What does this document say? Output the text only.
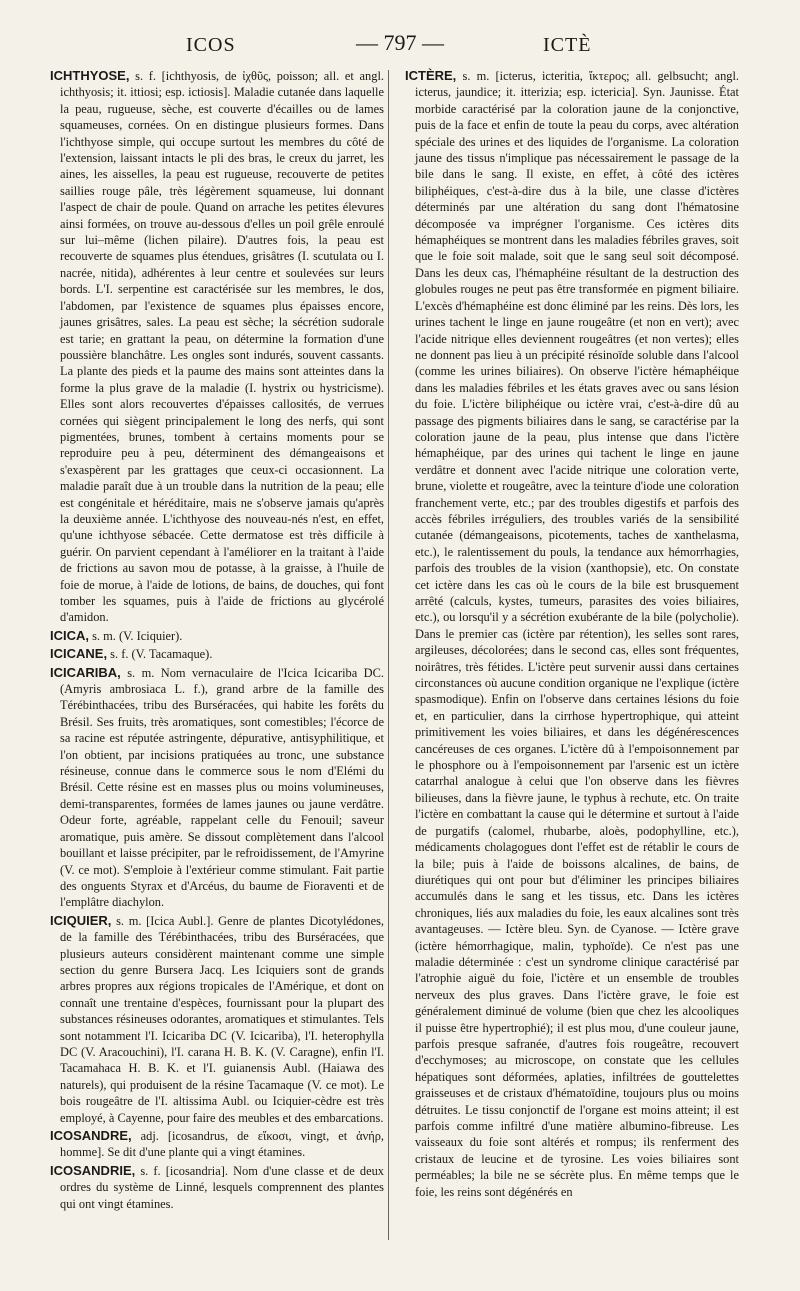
ICOS	— 797 —	ICTÈ

ICHTHYOSE, s. f. [ichthyosis, de ἰχθῦς, poisson; all. et angl. ichthyosis; it. ittiosi; esp. ictiosis]. Maladie cutanée dans laquelle la peau, rugueuse, sèche, est couverte d'écailles ou de lames squameuses, cornées. On en distingue plusieurs formes. Dans l'ichthyose simple, qui occupe surtout les membres du côté de l'extension, laissant intacts le pli des bras, le creux du jarret, les aines, les aisselles, la peau est rugueuse, recouverte de petites saillies rouge pâle, très légèrement squameuse, lui donnant l'aspect de chair de poule. Quand on arrache les petites élevures ainsi formées, on trouve au-dessous d'elles un poil grêle enroulé sur lui–même (lichen pilaire). D'autres fois, la peau est recouverte de squames plus étendues, grisâtres (I. scutulata ou I. nacrée, nitida), adhérentes à leur centre et soulevées sur leurs bords. L'I. serpentine est caractérisée sur les membres, le dos, l'abdomen, par l'existence de squames plus épaisses encore, jaunes grisâtres, sales. La peau est sèche; la sécrétion sudorale est tarie; en grattant la peau, on détermine la formation d'une poussière blanchâtre. Les ongles sont indurés, souvent cassants. La plante des pieds et la paume des mains sont atteintes dans la forme la plus grave de la maladie (I. hystrix ou hystricisme). Elles sont alors recouvertes d'épaisses callosités, de verrues cornées qui siègent principalement le long des nerfs, qui sont pigmentées, brunes, tombent à certains moments pour se reproduire peu à peu, déterminent des démangeaisons et s'exaspèrent par les grattages que ceux-ci occasionnent. La maladie paraît due à un trouble dans la nutrition de la peau; elle est congénitale et héréditaire, mais ne s'observe jamais qu'après la deuxième année. L'ichthyose des nouveau-nés n'est, en effet, qu'une ichthyose sébacée. Cette dermatose est très difficile à guérir. On parvient cependant à l'améliorer en la traitant à l'aide de frictions au savon mou de potasse, à la graisse, à l'huile de foie de morue, à l'aide de lotions, de bains, de douches, qui font tomber les squames, puis à l'aide de frictions au glycérolé d'amidon.

ICICA, s. m. (V. Iciquier).

ICICANE, s. f. (V. Tacamaque).

ICICARIBA, s. m. Nom vernaculaire de l'Icica Icicariba DC. (Amyris ambrosiaca L. f.), grand arbre de la famille des Térébinthacées, tribu des Burséracées, qui habite les forêts du Brésil. Ses fruits, très aromatiques, sont comestibles; l'écorce de sa racine est réputée astringente, dépurative, antisyphilitique, et l'on obtient, par incisions pratiquées au tronc, une substance résineuse, connue dans le commerce sous le nom d'Elémi du Brésil. Cette résine est en masses plus ou moins volumineuses, demi-transparentes, formées de lames jaunes ou jaune verdâtre. Odeur forte, agréable, rappelant celle du Fenouil; saveur aromatique, puis amère. Se dissout complètement dans l'alcool bouillant et laisse précipiter, par le refroidissement, de l'Amyrine (V. ce mot). S'emploie à l'extérieur comme stimulant. Fait partie des onguents Styrax et d'Arcéus, du baume de Fioraventi et de l'emplâtre diachylon.

ICIQUIER, s. m. [Icica Aubl.]. Genre de plantes Dicotylédones, de la famille des Térébinthacées, tribu des Burséracées, que plusieurs auteurs considèrent maintenant comme une simple section du genre Bursera Jacq. Les Iciquiers sont de grands arbres propres aux régions tropicales de l'Amérique, et dont on connaît une trentaine d'espèces, fournissant pour la plupart des substances résineuses odorantes, aromatiques et stimulantes. Tels sont notamment l'I. Icicariba DC (V. Icicariba), l'I. heterophylla DC (V. Aracouchini), l'I. carana H. B. K. (V. Caragne), enfin l'I. Tacamahaca H. B. K. et l'I. guianensis Aubl. (Haiawa des naturels), qui produisent de la résine Tacamaque (V. ce mot). Le bois rougeâtre de l'I. altissima Aubl. ou Iciquier-cèdre est très employé, à Cayenne, pour faire des meubles et des embarcations.

ICOSANDRE, adj. [icosandrus, de εἴκοσι, vingt, et ἀνήρ, homme]. Se dit d'une plante qui a vingt étamines.

ICOSANDRIE, s. f. [icosandria]. Nom d'une classe et de deux ordres du système de Linné, lesquels comprennent des plantes qui ont vingt étamines.

ICTÈRE, s. m. [icterus, icteritia, ἴκτερος; all. gelbsucht; angl. icterus, jaundice; it. itterizia; esp. ictericia]. Syn. Jaunisse. État morbide caractérisé par la coloration jaune de la conjonctive, puis de la face et enfin de toute la peau du corps, avec altération spéciale des urines et des liquides de l'organisme. La coloration jaune des tissus n'implique pas nécessairement le passage de la bile dans le sang. Il existe, en effet, à côté des ictères biliphéiques, c'est-à-dire dus à la bile, une classe d'ictères déterminés par une altération du sang dont l'hématosine décomposée va imprégner l'organisme. Ces ictères dits hémaphéiques se montrent dans les maladies fébriles graves, soit que le foie soit malade, soit que le sang seul soit décomposé. Dans les deux cas, l'hémaphéine résultant de la destruction des globules rouges ne peut pas être transformée en pigment biliaire. L'excès d'hémaphéine est donc éliminé par les reins. Dès lors, les urines tachent le linge en jaune rougeâtre (et non en vert); avec l'acide nitrique elles deviennent rougeâtres (et non vertes); elles ne donnent pas lieu à un précipité résinoïde soluble dans l'alcool (comme les urines biliaires). On observe l'ictère hémaphéique dans les maladies fébriles et les états graves avec ou sans lésion du foie. L'ictère biliphéique ou ictère vrai, c'est-à-dire dû au passage des pigments biliaires dans le sang, se caractérise par la coloration jaune de la peau, plus intense que dans l'ictère hémaphéique, par des urines qui tachent le linge en jaune verdâtre et donnent avec l'acide nitrique une coloration verte, brune, violette et rougeâtre, avec la teinture d'iode une coloration franchement verte, etc.; par des troubles digestifs et parfois des accès fébriles irréguliers, des troubles variés de la sensibilité cutanée (démangeaisons, picotements, taches de xanthelasma, etc.), le ralentissement du pouls, la tendance aux hémorrhagies, parfois des troubles de la vision (xanthopsie), etc. On constate cet ictère dans les cas où le cours de la bile est brusquement arrêté (calculs, kystes, tumeurs, parasites des voies biliaires, etc.), ou lorsqu'il y a sécrétion exubérante de la bile (polycholie). Dans le premier cas (ictère par rétention), les selles sont rares, argileuses, décolorées; dans le second cas, elles sont fréquentes, noirâtres, très fétides. L'ictère peut survenir aussi dans certaines circonstances où aucune condition organique ne l'explique (ictère spasmodique). Enfin on l'observe dans certaines lésions du foie et, en particulier, dans la cirrhose hypertrophique, qui atteint primitivement les voies biliaires, et dans les dégénérescences cancéreuses de ces organes. L'ictère dû à l'empoisonnement par le phosphore ou à l'empoisonnement par l'arsenic est un ictère catarrhal analogue à celui que l'on observe dans les fièvres bilieuses, dans la fièvre jaune, le typhus à rechute, etc. On traite l'ictère en combattant la cause qui le détermine et surtout à l'aide de purgatifs (calomel, rhubarbe, aloès, podophylline, etc.), médicaments cholagogues dont l'effet est de rétablir le cours de la bile; puis à l'aide de boissons alcalines, de bains, de diurétiques qui ont pour but d'éliminer les principes biliaires accumulés dans le sang et les tissus, etc. Dans les ictères chroniques, liés aux maladies du foie, les eaux alcalines sont très avantageuses. — Ictère bleu. Syn. de Cyanose. — Ictère grave (ictère hémorrhagique, malin, typhoïde). Ce n'est pas une maladie déterminée : c'est un syndrome clinique caractérisé par l'atrophie aiguë du foie, l'ictère et un ensemble de troubles nerveux des plus graves. Dans l'ictère grave, le foie est généralement diminué de volume (bien que chez les alcooliques il puisse être hypertrophié); il est plus mou, d'une couleur jaune, parfois presque safranée, d'autres fois rougeâtre, recouvert d'ecchymoses; au microscope, on constate que les cellules hépatiques sont déformées, aplaties, infiltrées de gouttelettes graisseuses et de cristaux d'hématoïdine, toujours plus ou moins détruites. Le tissu conjonctif de l'organe est moins atteint; il est parfois comme infiltré d'une matière albumino-fibreuse. Les vaisseaux du foie sont altérés et rompus; ils renferment des cristaux de leucine et de tyrosine. Les voies biliaires sont perméables; la bile ne se sécrète plus. En même temps que le foie, les reins sont dégénérés en
